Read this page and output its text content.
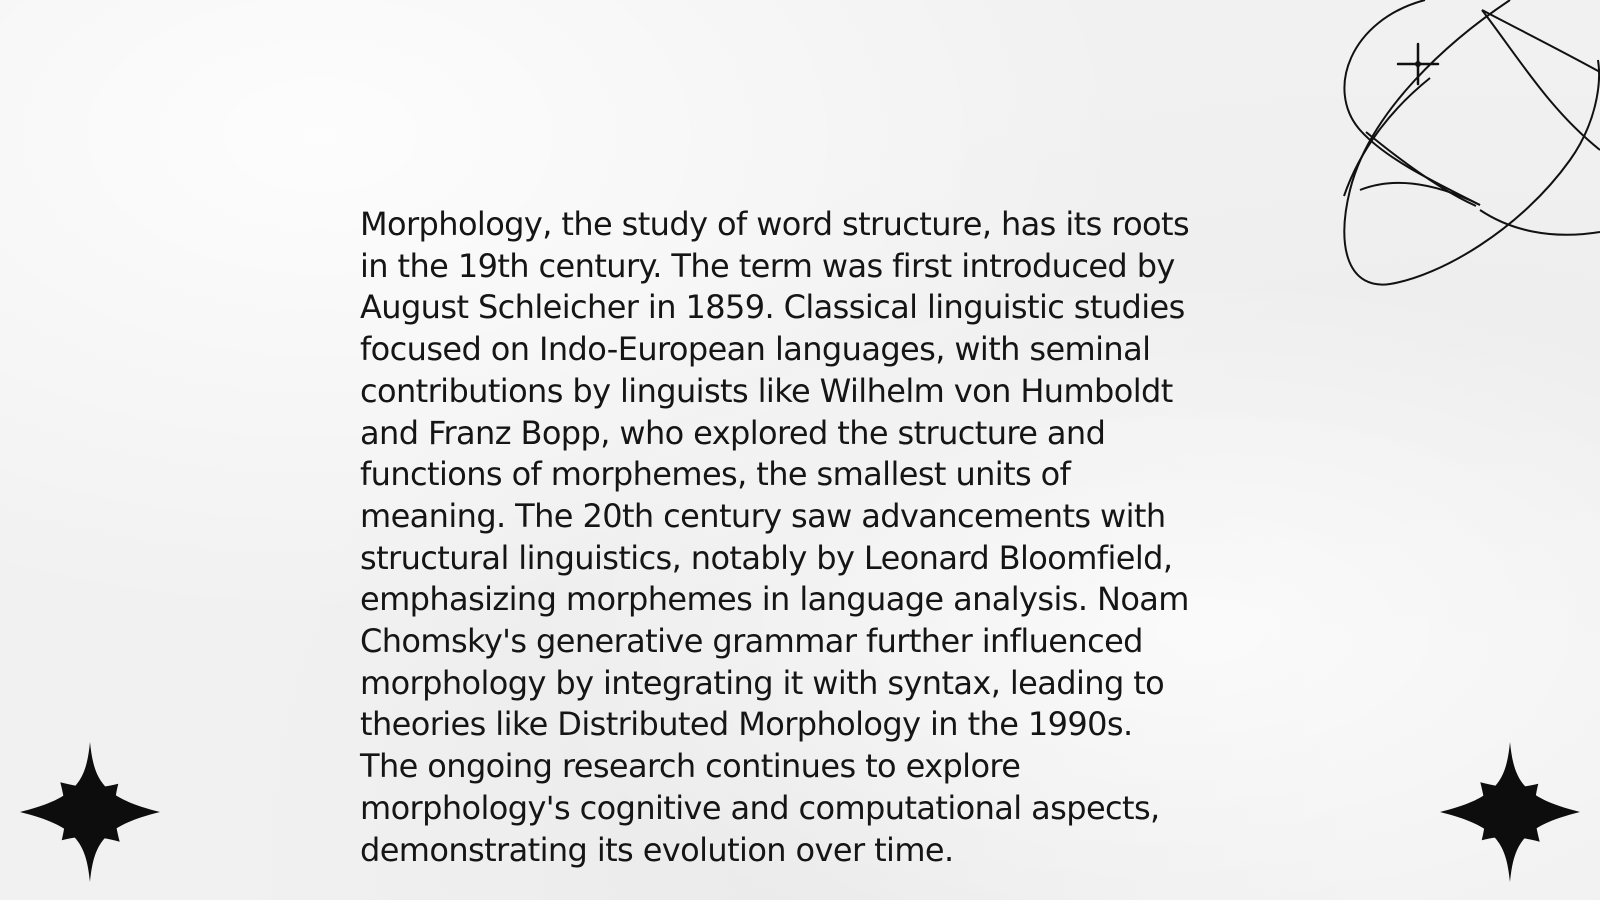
Morphology, the study of word structure, has its roots
in the 19th century. The term was first introduced by
August Schleicher in 1859. Classical linguistic studies
focused on Indo-European languages, with seminal
contributions by linguists like Wilhelm von Humboldt
and Franz Bopp, who explored the structure and
functions of morphemes, the smallest units of
meaning. The 20th century saw advancements with
structural linguistics, notably by Leonard Bloomfield,
emphasizing morphemes in language analysis. Noam
Chomsky's generative grammar further influenced
morphology by integrating it with syntax, leading to
theories like Distributed Morphology in the 1990s.
The ongoing research continues to explore
morphology's cognitive and computational aspects,
demonstrating its evolution over time.
